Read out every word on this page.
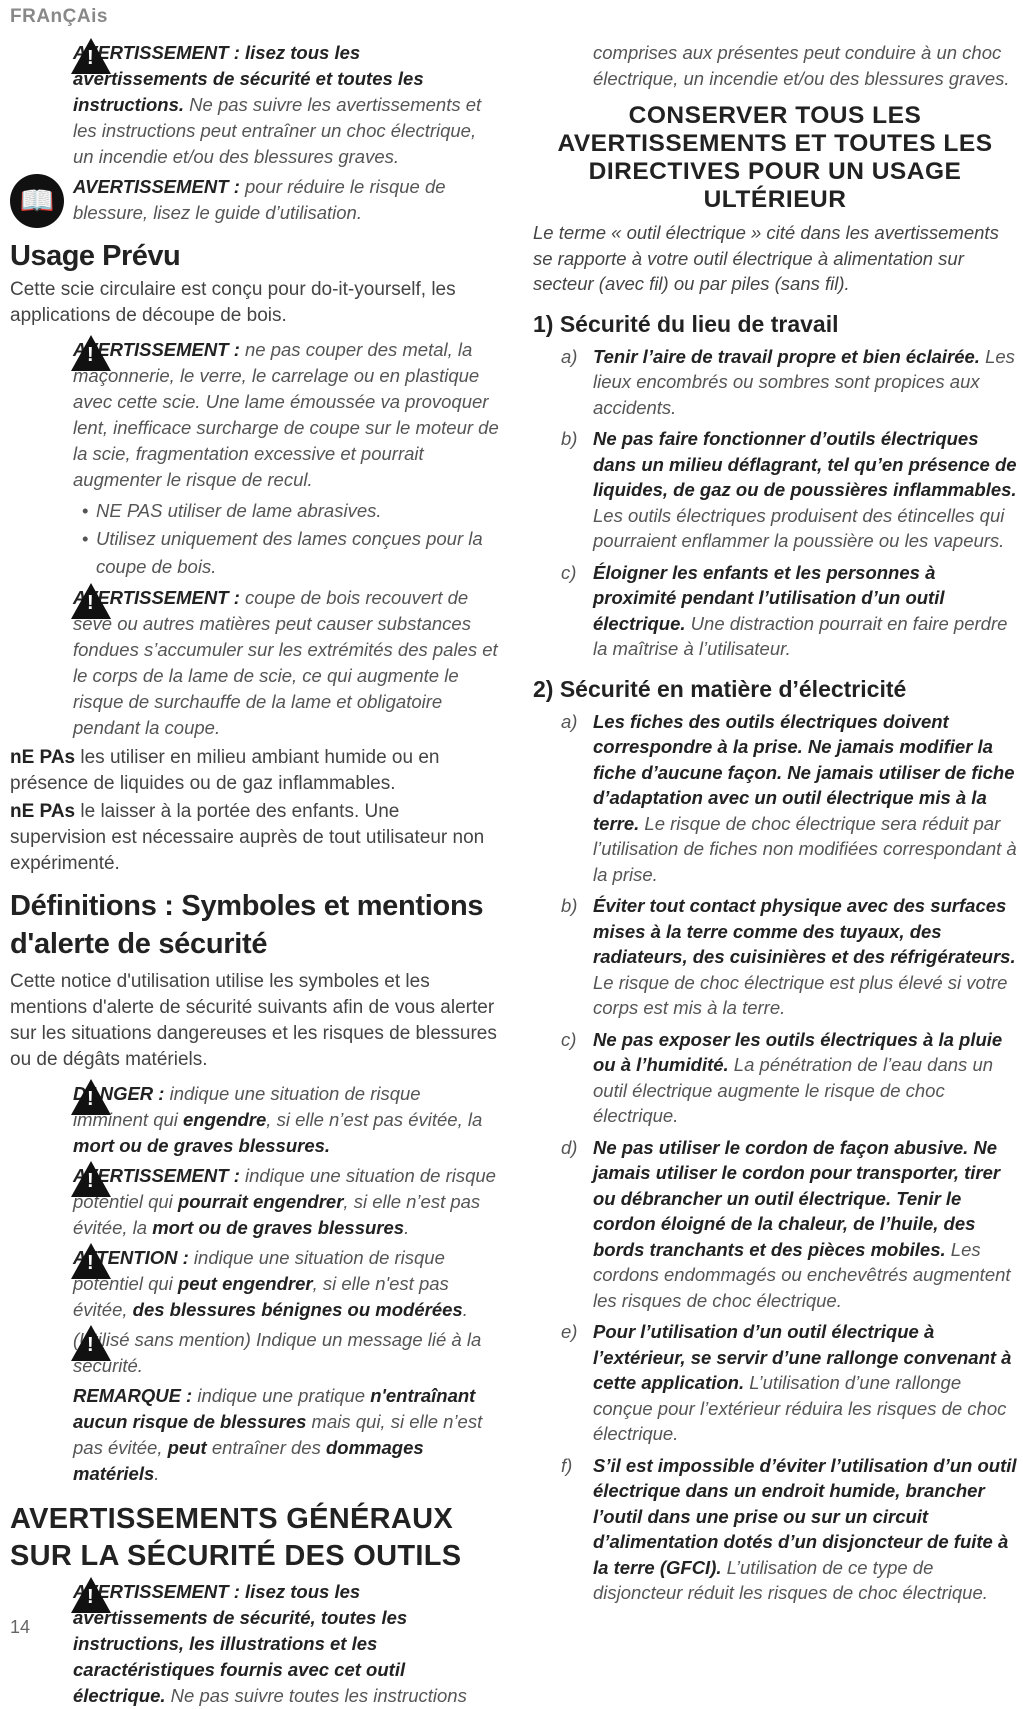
FRAnÇAis
!
AVERTISSEMENT : lisez tous les avertissements de sécurité et toutes les instructions. Ne pas suivre les avertissements et les instructions peut entraîner un choc électrique, un incendie et/ou des blessures graves.
📖	AVERTISSEMENT : pour réduire le risque de blessure, lisez le guide d’utilisation.
Usage Prévu
Cette scie circulaire est conçu pour do-it-yourself, les applications de découpe de bois.
!
AVERTISSEMENT : ne pas couper des metal, la maçonnerie, le verre, le carrelage ou en plastique avec cette scie. Une lame émoussée va provoquer lent, inefficace surcharge de coupe sur le moteur de la scie, fragmentation excessive et pourrait augmenter le risque de recul.
• NE PAS utiliser de lame abrasives.
• Utilisez uniquement des lames conçues pour la coupe de bois.
!
AVERTISSEMENT : coupe de bois recouvert de sève ou autres matières peut causer substances fondues s’accumuler sur les extrémités des pales et le corps de la lame de scie, ce qui augmente le risque de surchauffe de la lame et obligatoire pendant la coupe.
nE PAs les utiliser en milieu ambiant humide ou en présence de liquides ou de gaz inflammables.
nE PAs le laisser à la portée des enfants. Une supervision est nécessaire auprès de tout utilisateur non expérimenté.
Définitions : Symboles et mentions d'alerte de sécurité
Cette notice d'utilisation utilise les symboles et les mentions d'alerte de sécurité suivants afin de vous alerter sur les situations dangereuses et les risques de blessures ou de dégâts matériels.
!
DANGER : indique une situation de risque imminent qui engendre, si elle n’est pas évitée, la mort ou de graves blessures.
!
AVERTISSEMENT : indique une situation de risque potentiel qui pourrait engendrer, si elle n’est pas évitée, la mort ou de graves blessures.
!
ATTENTION : indique une situation de risque potentiel qui peut engendrer, si elle n'est pas évitée, des blessures bénignes ou modérées.
!
(Utilisé sans mention) Indique un message lié à la sécurité.
REMARQUE : indique une pratique n'entraînant aucun risque de blessures mais qui, si elle n’est pas évitée, peut entraîner des dommages matériels.
AVERTISSEMENTS GÉNÉRAUX SUR LA SÉCURITÉ DES OUTILS
!
AVERTISSEMENT : lisez tous les avertissements de sécurité, toutes les instructions, les illustrations et les caractéristiques fournis avec cet outil électrique. Ne pas suivre toutes les instructions
comprises aux présentes peut conduire à un choc électrique, un incendie et/ou des blessures graves.
CONSERVER TOUS LES AVERTISSEMENTS ET TOUTES LES DIRECTIVES POUR UN USAGE ULTÉRIEUR
Le terme « outil électrique » cité dans les avertissements se rapporte à votre outil électrique à alimentation sur secteur (avec fil) ou par piles (sans fil).
1) Sécurité du lieu de travail
a) Tenir l’aire de travail propre et bien éclairée. Les lieux encombrés ou sombres sont propices aux accidents.
b) Ne pas faire fonctionner d’outils électriques dans un milieu déflagrant, tel qu’en présence de liquides, de gaz ou de poussières inflammables. Les outils électriques produisent des étincelles qui pourraient enflammer la poussière ou les vapeurs.
c) Éloigner les enfants et les personnes à proximité pendant l’utilisation d’un outil électrique. Une distraction pourrait en faire perdre la maîtrise à l’utilisateur.
2) Sécurité en matière d’électricité
a) Les fiches des outils électriques doivent correspondre à la prise. Ne jamais modifier la fiche d’aucune façon. Ne jamais utiliser de fiche d’adaptation avec un outil électrique mis à la terre. Le risque de choc électrique sera réduit par l’utilisation de fiches non modifiées correspondant à la prise.
b) Éviter tout contact physique avec des surfaces mises à la terre comme des tuyaux, des radiateurs, des cuisinières et des réfrigérateurs. Le risque de choc électrique est plus élevé si votre corps est mis à la terre.
c) Ne pas exposer les outils électriques à la pluie ou à l’humidité. La pénétration de l’eau dans un outil électrique augmente le risque de choc électrique.
d) Ne pas utiliser le cordon de façon abusive. Ne jamais utiliser le cordon pour transporter, tirer ou débrancher un outil électrique. Tenir le cordon éloigné de la chaleur, de l’huile, des bords tranchants et des pièces mobiles. Les cordons endommagés ou enchevêtrés augmentent les risques de choc électrique.
e) Pour l’utilisation d’un outil électrique à l’extérieur, se servir d’une rallonge convenant à cette application. L’utilisation d’une rallonge conçue pour l’extérieur réduira les risques de choc électrique.
f) S’il est impossible d’éviter l’utilisation d’un outil électrique dans un endroit humide, brancher l’outil dans une prise ou sur un circuit d’alimentation dotés d’un disjoncteur de fuite à la terre (GFCI). L’utilisation de ce type de disjoncteur réduit les risques de choc électrique.
14
